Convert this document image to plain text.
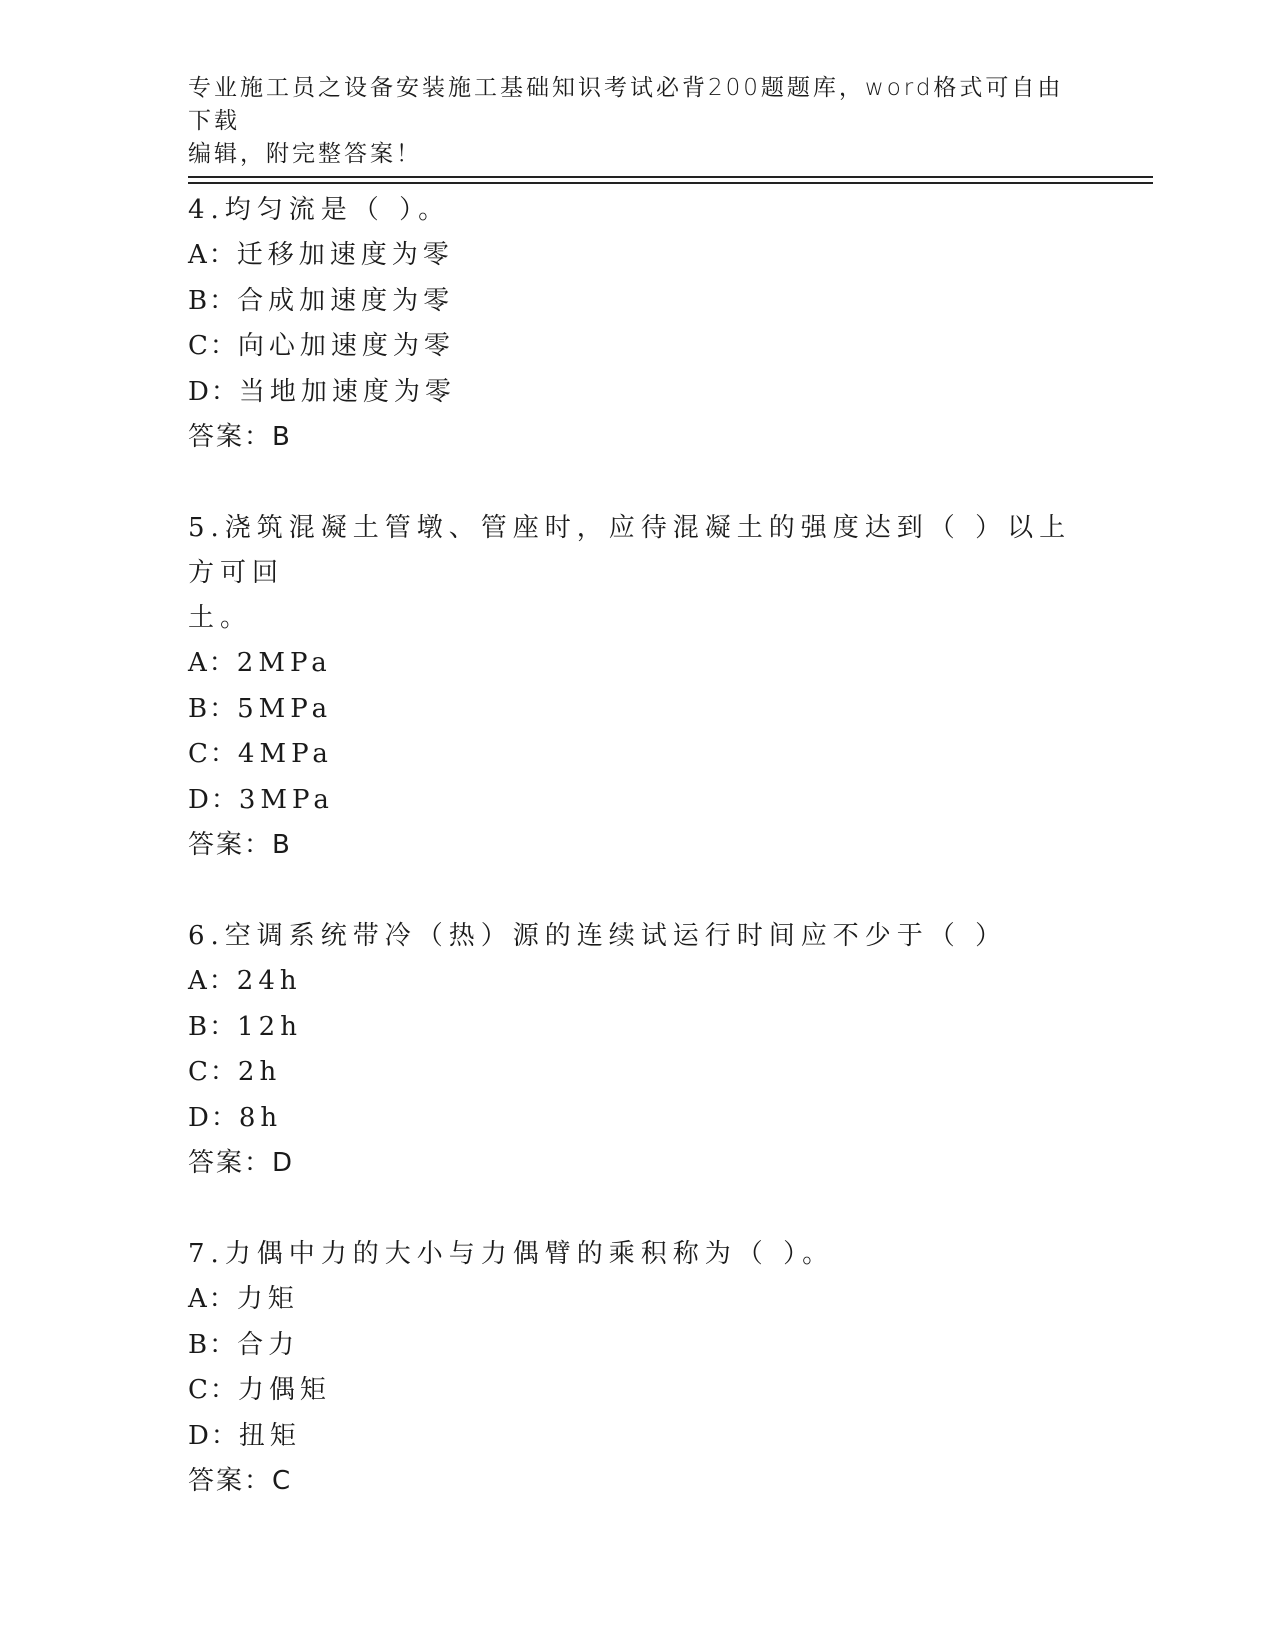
专业施工员之设备安装施工基础知识考试必背200题题库，word格式可自由下载
编辑，附完整答案！

4.均匀流是（ ）。

A：迁移加速度为零

B：合成加速度为零

C：向心加速度为零

D：当地加速度为零

答案：B

5.浇筑混凝土管墩、管座时，应待混凝土的强度达到（ ）以上方可回

土。

A：2MPa

B：5MPa

C：4MPa

D：3MPa

答案：B

6.空调系统带冷（热）源的连续试运行时间应不少于（ ）

A：24h

B：12h

C：2h

D：8h

答案：D

7.力偶中力的大小与力偶臂的乘积称为（ ）。

A：力矩

B：合力

C：力偶矩

D：扭矩

答案：C
